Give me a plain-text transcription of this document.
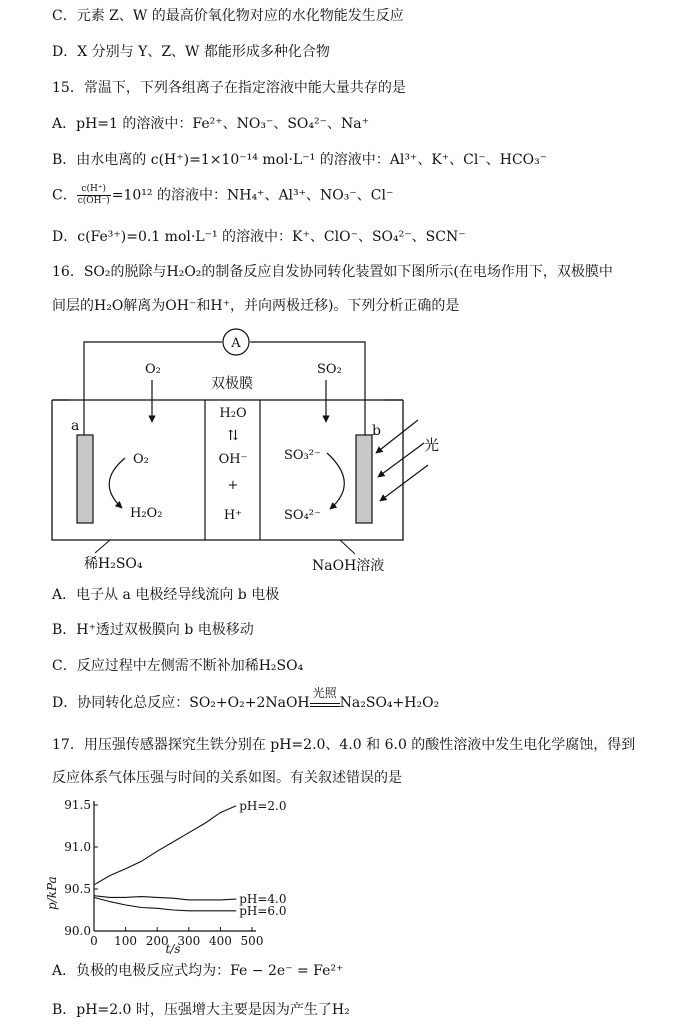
C．元素 Z、W 的最高价氧化物对应的水化物能发生反应
D．X 分别与 Y、Z、W 都能形成多种化合物
15．常温下，下列各组离子在指定溶液中能大量共存的是
A．pH=1 的溶液中：Fe²⁺、NO₃⁻、SO₄²⁻、Na⁺
B．由水电离的 c(H⁺)=1×10⁻¹⁴ mol·L⁻¹ 的溶液中：Al³⁺、K⁺、Cl⁻、HCO₃⁻
C． $\frac{c(H^+)}{c(OH^-)} =10^{12}$ 的溶液中：NH₄⁺、Al³⁺、NO₃⁻、Cl⁻
D．c(Fe³⁺)=0.1 mol·L⁻¹ 的溶液中：K⁺、ClO⁻、SO₄²⁻、SCN⁻
16．SO₂的脱除与H₂O₂的制备反应自发协同转化装置如下图所示(在电场作用下，双极膜中
间层的H₂O解离为OH⁻和H⁺，并向两极迁移)。下列分析正确的是
A
双极膜
a	b
O₂	SO₂
O₂
H₂O₂
H₂O
⇅
OH⁻
+
H⁺
SO₃²⁻
SO₄²⁻
光
稀H₂SO₄	NaOH溶液
A．电子从 a 电极经导线流向 b 电极
B．H⁺透过双极膜向 b 电极移动
C．反应过程中左侧需不断补加稀H₂SO₄
D．协同转化总反应：SO₂+O₂+2NaOH
光照
Na₂SO₄+H₂O₂
17．用压强传感器探究生铁分别在 pH=2.0、4.0 和 6.0 的酸性溶液中发生电化学腐蚀，得到
反应体系气体压强与时间的关系如图。有关叙述错误的是
90.0
90.5
91.0
91.5
0 100 200 300 400 500
p/kPa
t/s
pH=2.0
pH=4.0
pH=6.0
A．负极的电极反应式均为：Fe − 2e⁻ = Fe²⁺
B．pH=2.0 时，压强增大主要是因为产生了H₂
